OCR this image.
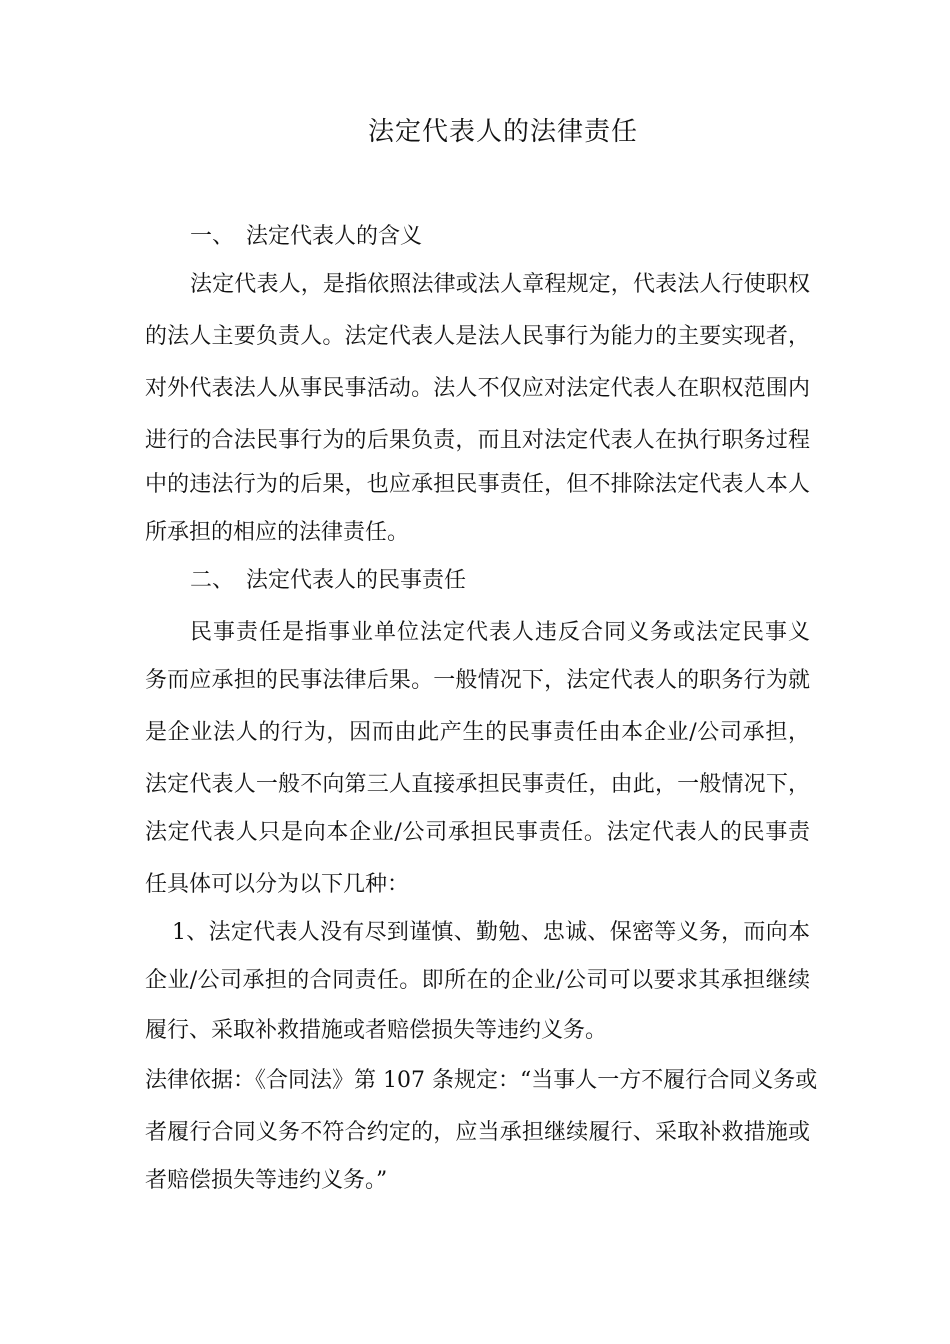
法定代表人的法律责任
一、 法定代表人的含义
法定代表人，是指依照法律或法人章程规定，代表法人行使职权
的法人主要负责人。法定代表人是法人民事行为能力的主要实现者，
对外代表法人从事民事活动。法人不仅应对法定代表人在职权范围内
进行的合法民事行为的后果负责，而且对法定代表人在执行职务过程
中的违法行为的后果，也应承担民事责任，但不排除法定代表人本人
所承担的相应的法律责任。
二、 法定代表人的民事责任
民事责任是指事业单位法定代表人违反合同义务或法定民事义
务而应承担的民事法律后果。一般情况下，法定代表人的职务行为就
是企业法人的行为，因而由此产生的民事责任由本企业/公司承担，
法定代表人一般不向第三人直接承担民事责任，由此，一般情况下，
法定代表人只是向本企业/公司承担民事责任。法定代表人的民事责
任具体可以分为以下几种：
1、法定代表人没有尽到谨慎、勤勉、忠诚、保密等义务，而向本
企业/公司承担的合同责任。即所在的企业/公司可以要求其承担继续
履行、采取补救措施或者赔偿损失等违约义务。
法律依据：《合同法》第 107 条规定：“当事人一方不履行合同义务或
者履行合同义务不符合约定的，应当承担继续履行、采取补救措施或
者赔偿损失等违约义务。”
